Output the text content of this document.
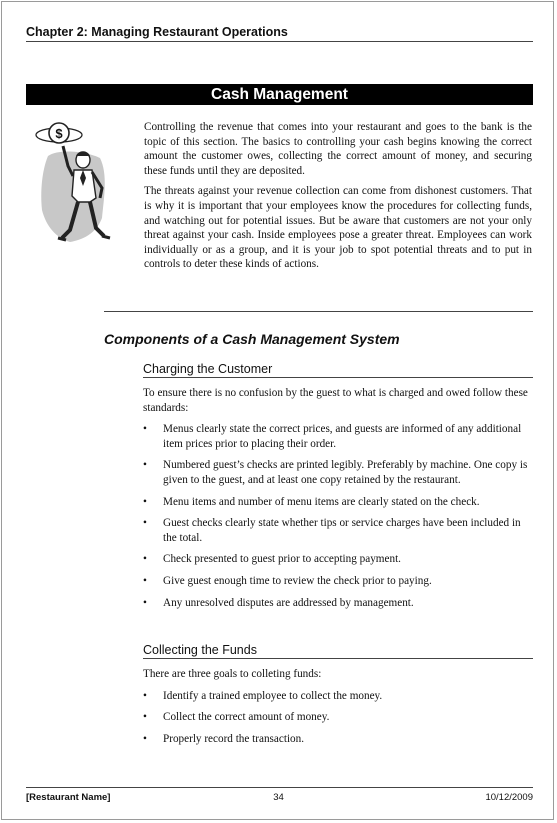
Chapter 2: Managing Restaurant Operations
Cash Management
$	Controlling the revenue that comes into your restaurant and goes to the bank is the topic of this section. The basics to controlling your cash begins knowing the correct amount the customer owes, collecting the correct amount of money, and securing these funds until they are deposited.

The threats against your revenue collection can come from dishonest customers. That is why it is important that your employees know the procedures for collecting funds, and watching out for potential issues. But be aware that customers are not your only threat against your cash. Inside employees pose a greater threat. Employees can work individually or as a group, and it is your job to spot potential threats and to put in controls to deter these kinds of actions.

Components of a Cash Management System
Charging the Customer

To ensure there is no confusion by the guest to what is charged and owed follow these standards:

• Menus clearly state the correct prices, and guests are informed of any additional item prices prior to placing their order.
• Numbered guest’s checks are printed legibly. Preferably by machine. One copy is given to the guest, and at least one copy retained by the restaurant.
• Menu items and number of menu items are clearly stated on the check.
• Guest checks clearly state whether tips or service charges have been included in the total.
• Check presented to guest prior to accepting payment.
• Give guest enough time to review the check prior to paying.
• Any unresolved disputes are addressed by management.
Collecting the Funds

There are three goals to colleting funds:

• Identify a trained employee to collect the money.
• Collect the correct amount of money.
• Properly record the transaction.
[Restaurant Name]	34	10/12/2009
